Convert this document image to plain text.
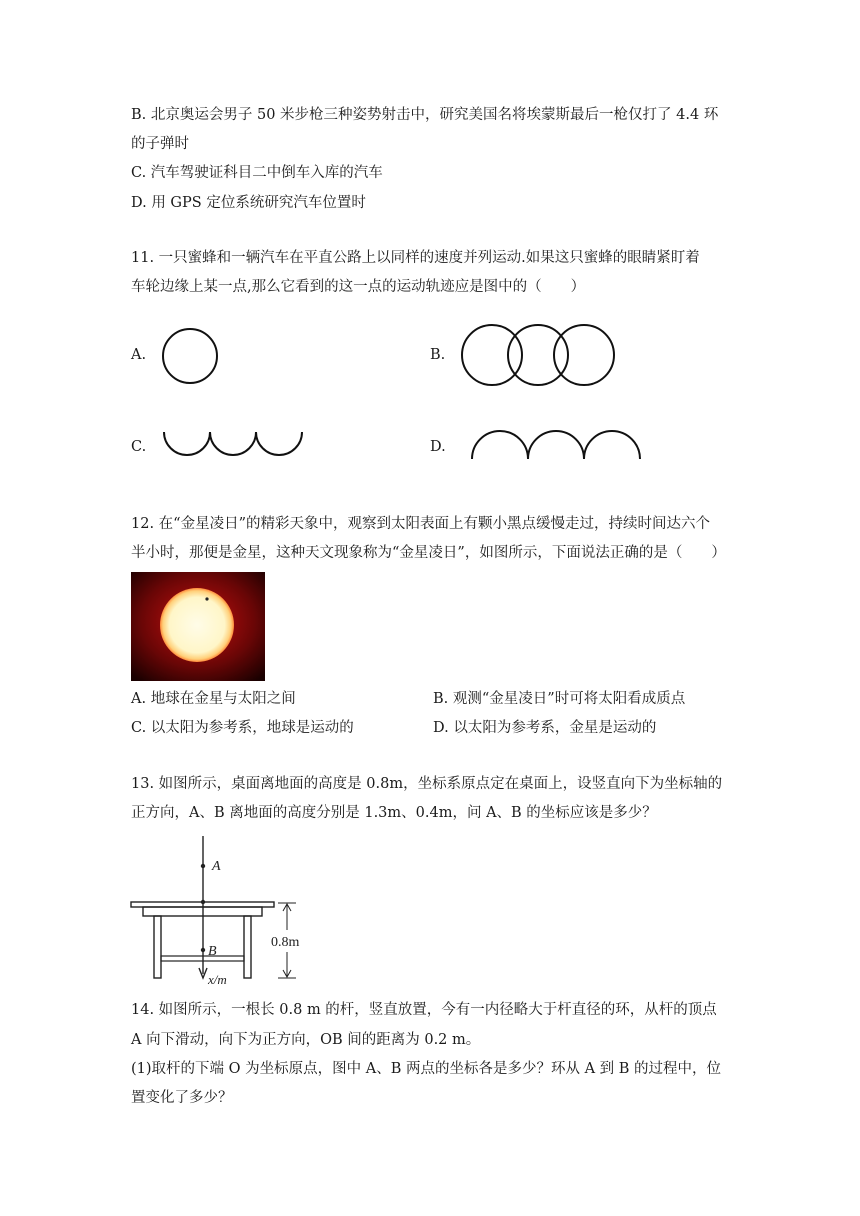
B. 北京奥运会男子 50 米步枪三种姿势射击中，研究美国名将埃蒙斯最后一枪仅打了 4.4 环
的子弹时
C. 汽车驾驶证科目二中倒车入库的汽车
D. 用 GPS 定位系统研究汽车位置时
11. 一只蜜蜂和一辆汽车在平直公路上以同样的速度并列运动.如果这只蜜蜂的眼睛紧盯着
车轮边缘上某一点,那么它看到的这一点的运动轨迹应是图中的（　　）
A.	B.
C.	D.
12. 在“金星凌日”的精彩天象中，观察到太阳表面上有颗小黑点缓慢走过，持续时间达六个
半小时，那便是金星，这种天文现象称为“金星凌日”，如图所示，下面说法正确的是（　　）
A. 地球在金星与太阳之间	B. 观测“金星凌日”时可将太阳看成质点
C. 以太阳为参考系，地球是运动的	D. 以太阳为参考系，金星是运动的
13. 如图所示，桌面离地面的高度是 0.8m，坐标系原点定在桌面上，设竖直向下为坐标轴的
正方向，A、B 离地面的高度分别是 1.3m、0.4m，问 A、B 的坐标应该是多少？
A
B
x/m
0.8m
14. 如图所示，一根长 0.8 m 的杆，竖直放置，今有一内径略大于杆直径的环，从杆的顶点
A 向下滑动，向下为正方向，OB 间的距离为 0.2 m。
(1)取杆的下端 O 为坐标原点，图中 A、B 两点的坐标各是多少？环从 A 到 B 的过程中，位
置变化了多少？
